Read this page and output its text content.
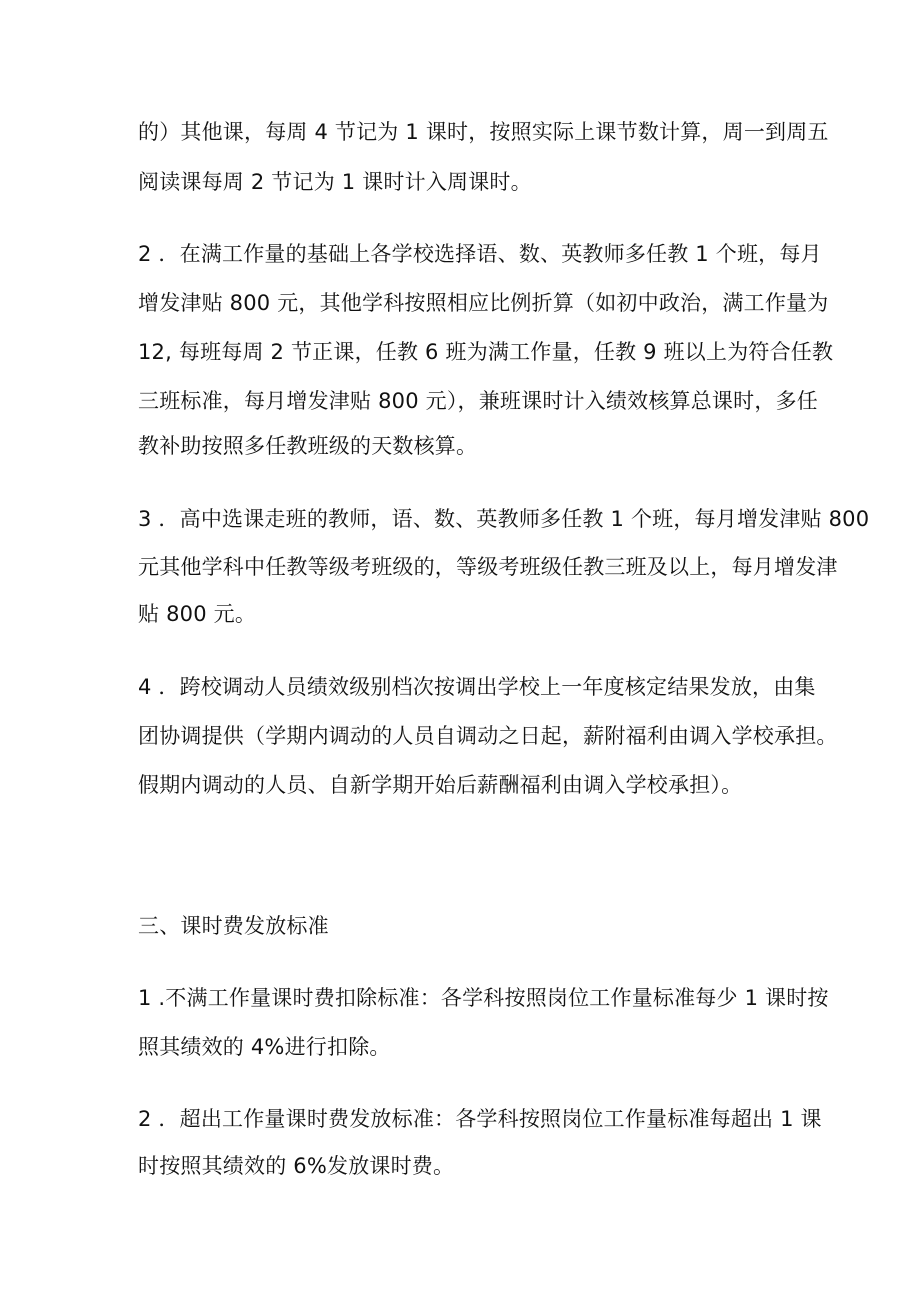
的）其他课，每周 4 节记为 1 课时，按照实际上课节数计算，周一到周五
阅读课每周 2 节记为 1 课时计入周课时。
2 ．在满工作量的基础上各学校选择语、数、英教师多任教 1 个班，每月
增发津贴 800 元，其他学科按照相应比例折算（如初中政治，满工作量为
12, 每班每周 2 节正课，任教 6 班为满工作量，任教 9 班以上为符合任教
三班标准，每月增发津贴 800 元），兼班课时计入绩效核算总课时，多任
教补助按照多任教班级的天数核算。
3 ．高中选课走班的教师，语、数、英教师多任教 1 个班，每月增发津贴 800
元其他学科中任教等级考班级的，等级考班级任教三班及以上，每月增发津
贴 800 元。
4 ．跨校调动人员绩效级别档次按调出学校上一年度核定结果发放，由集
团协调提供（学期内调动的人员自调动之日起，薪附福利由调入学校承担。
假期内调动的人员、自新学期开始后薪酬福利由调入学校承担）。
三、课时费发放标准
1 .不满工作量课时费扣除标准：各学科按照岗位工作量标准每少 1 课时按
照其绩效的 4%进行扣除。
2 ．超出工作量课时费发放标准：各学科按照岗位工作量标准每超出 1 课
时按照其绩效的 6%发放课时费。
